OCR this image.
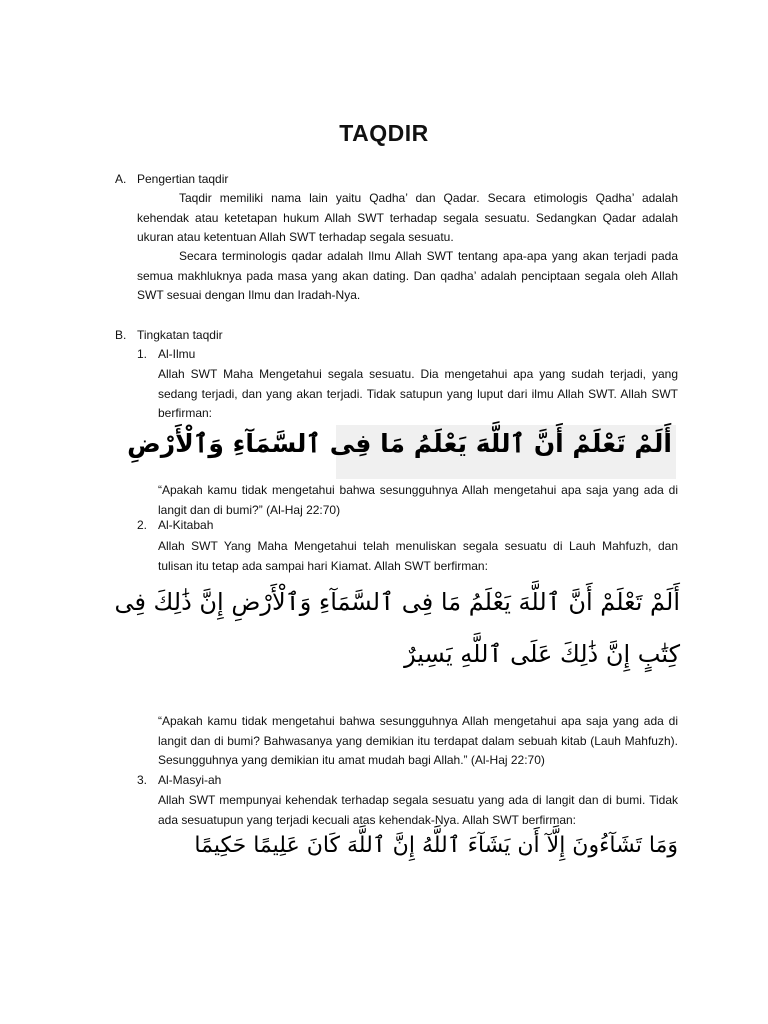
TAQDIR
A. Pengertian taqdir
Taqdir memiliki nama lain yaitu Qadha’ dan Qadar. Secara etimologis Qadha’ adalah kehendak atau ketetapan hukum Allah SWT terhadap segala sesuatu. Sedangkan Qadar adalah ukuran atau ketentuan Allah SWT terhadap segala sesuatu.
Secara terminologis qadar adalah Ilmu Allah SWT tentang apa-apa yang akan terjadi pada semua makhluknya pada masa yang akan dating. Dan qadha’ adalah penciptaan segala oleh Allah SWT sesuai dengan Ilmu dan Iradah-Nya.
B. Tingkatan taqdir
1. Al-Ilmu
Allah SWT Maha Mengetahui segala sesuatu. Dia mengetahui apa yang sudah terjadi, yang sedang terjadi, dan yang akan terjadi. Tidak satupun yang luput dari ilmu Allah SWT. Allah SWT berfirman:
أَلَمْ تَعْلَمْ أَنَّ ٱللَّهَ يَعْلَمُ مَا فِى ٱلسَّمَآءِ وَٱلْأَرْضِ
“Apakah kamu tidak mengetahui bahwa sesungguhnya Allah mengetahui apa saja yang ada di langit dan di bumi?” (Al-Haj 22:70)
2. Al-Kitabah
Allah SWT Yang Maha Mengetahui telah menuliskan segala sesuatu di Lauh Mahfuzh, dan tulisan itu tetap ada sampai hari Kiamat. Allah SWT berfirman:
أَلَمْ تَعْلَمْ أَنَّ ٱللَّهَ يَعْلَمُ مَا فِى ٱلسَّمَآءِ وَٱلْأَرْضِ إِنَّ ذَٰلِكَ فِى
كِتَٰبٍ إِنَّ ذَٰلِكَ عَلَى ٱللَّهِ يَسِيرٌ
“Apakah kamu tidak mengetahui bahwa sesungguhnya Allah mengetahui apa saja yang ada di langit dan di bumi? Bahwasanya yang demikian itu terdapat dalam sebuah kitab (Lauh Mahfuzh). Sesungguhnya yang demikian itu amat mudah bagi Allah.” (Al-Haj 22:70)
3. Al-Masyi-ah
Allah SWT mempunyai kehendak terhadap segala sesuatu yang ada di langit dan di bumi. Tidak ada sesuatupun yang terjadi kecuali atas kehendak-Nya. Allah SWT berfirman:
وَمَا تَشَآءُونَ إِلَّآ أَن يَشَآءَ ٱللَّهُ إِنَّ ٱللَّهَ كَانَ عَلِيمًا حَكِيمًا
